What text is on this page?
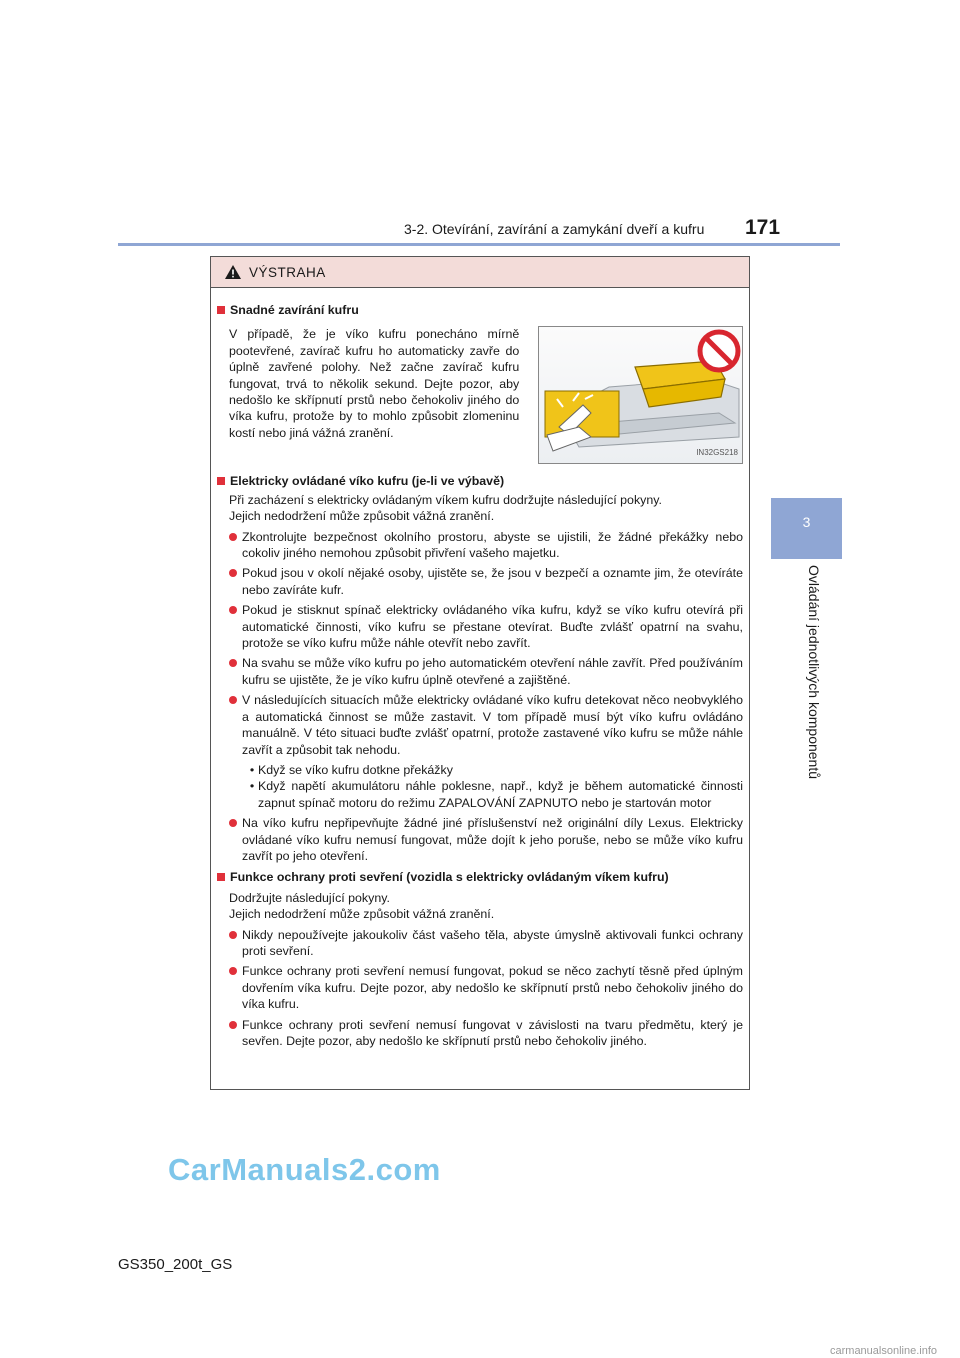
3-2. Otevírání, zavírání a zamykání dveří a kufru 171
3
Ovládání jednotlivých komponentů
VÝSTRAHA
Snadné zavírání kufru
V případě, že je víko kufru ponecháno mírně pootevřené, zavírač kufru ho automaticky zavře do úplně zavřené polohy. Než začne zavírač kufru fungovat, trvá to několik sekund. Dejte pozor, aby nedošlo ke skřípnutí prstů nebo čehokoliv jiného do víka kufru, protože by to mohlo způsobit zlomeninu kostí nebo jiná vážná zranění.
IN32GS218
Elektricky ovládané víko kufru (je-li ve výbavě)
Při zacházení s elektricky ovládaným víkem kufru dodržujte následující pokyny.
Jejich nedodržení může způsobit vážná zranění.
Zkontrolujte bezpečnost okolního prostoru, abyste se ujistili, že žádné překážky nebo cokoliv jiného nemohou způsobit přivření vašeho majetku.
Pokud jsou v okolí nějaké osoby, ujistěte se, že jsou v bezpečí a oznamte jim, že otevíráte nebo zavíráte kufr.
Pokud je stisknut spínač elektricky ovládaného víka kufru, když se víko kufru otevírá při automatické činnosti, víko kufru se přestane otevírat. Buďte zvlášť opatrní na svahu, protože se víko kufru může náhle otevřít nebo zavřít.
Na svahu se může víko kufru po jeho automatickém otevření náhle zavřít. Před používáním kufru se ujistěte, že je víko kufru úplně otevřené a zajištěné.
V následujících situacích může elektricky ovládané víko kufru detekovat něco neobvyklého a automatická činnost se může zastavit. V tom případě musí být víko kufru ovládáno manuálně. V této situaci buďte zvlášť opatrní, protože zastavené víko kufru se může náhle zavřít a způsobit tak nehodu.
• Když se víko kufru dotkne překážky
• Když napětí akumulátoru náhle poklesne, např., když je během automatické činnosti zapnut spínač motoru do režimu ZAPALOVÁNÍ ZAPNUTO nebo je startován motor
Na víko kufru nepřipevňujte žádné jiné příslušenství než originální díly Lexus. Elektricky ovládané víko kufru nemusí fungovat, může dojít k jeho poruše, nebo se může víko kufru zavřít po jeho otevření.
Funkce ochrany proti sevření (vozidla s elektricky ovládaným víkem kufru)
Dodržujte následující pokyny.
Jejich nedodržení může způsobit vážná zranění.
Nikdy nepoužívejte jakoukoliv část vašeho těla, abyste úmyslně aktivovali funkci ochrany proti sevření.
Funkce ochrany proti sevření nemusí fungovat, pokud se něco zachytí těsně před úplným dovřením víka kufru. Dejte pozor, aby nedošlo ke skřípnutí prstů nebo čehokoliv jiného do víka kufru.
Funkce ochrany proti sevření nemusí fungovat v závislosti na tvaru předmětu, který je sevřen. Dejte pozor, aby nedošlo ke skřípnutí prstů nebo čehokoliv jiného.
CarManuals2.com
GS350_200t_GS
carmanualsonline.info
